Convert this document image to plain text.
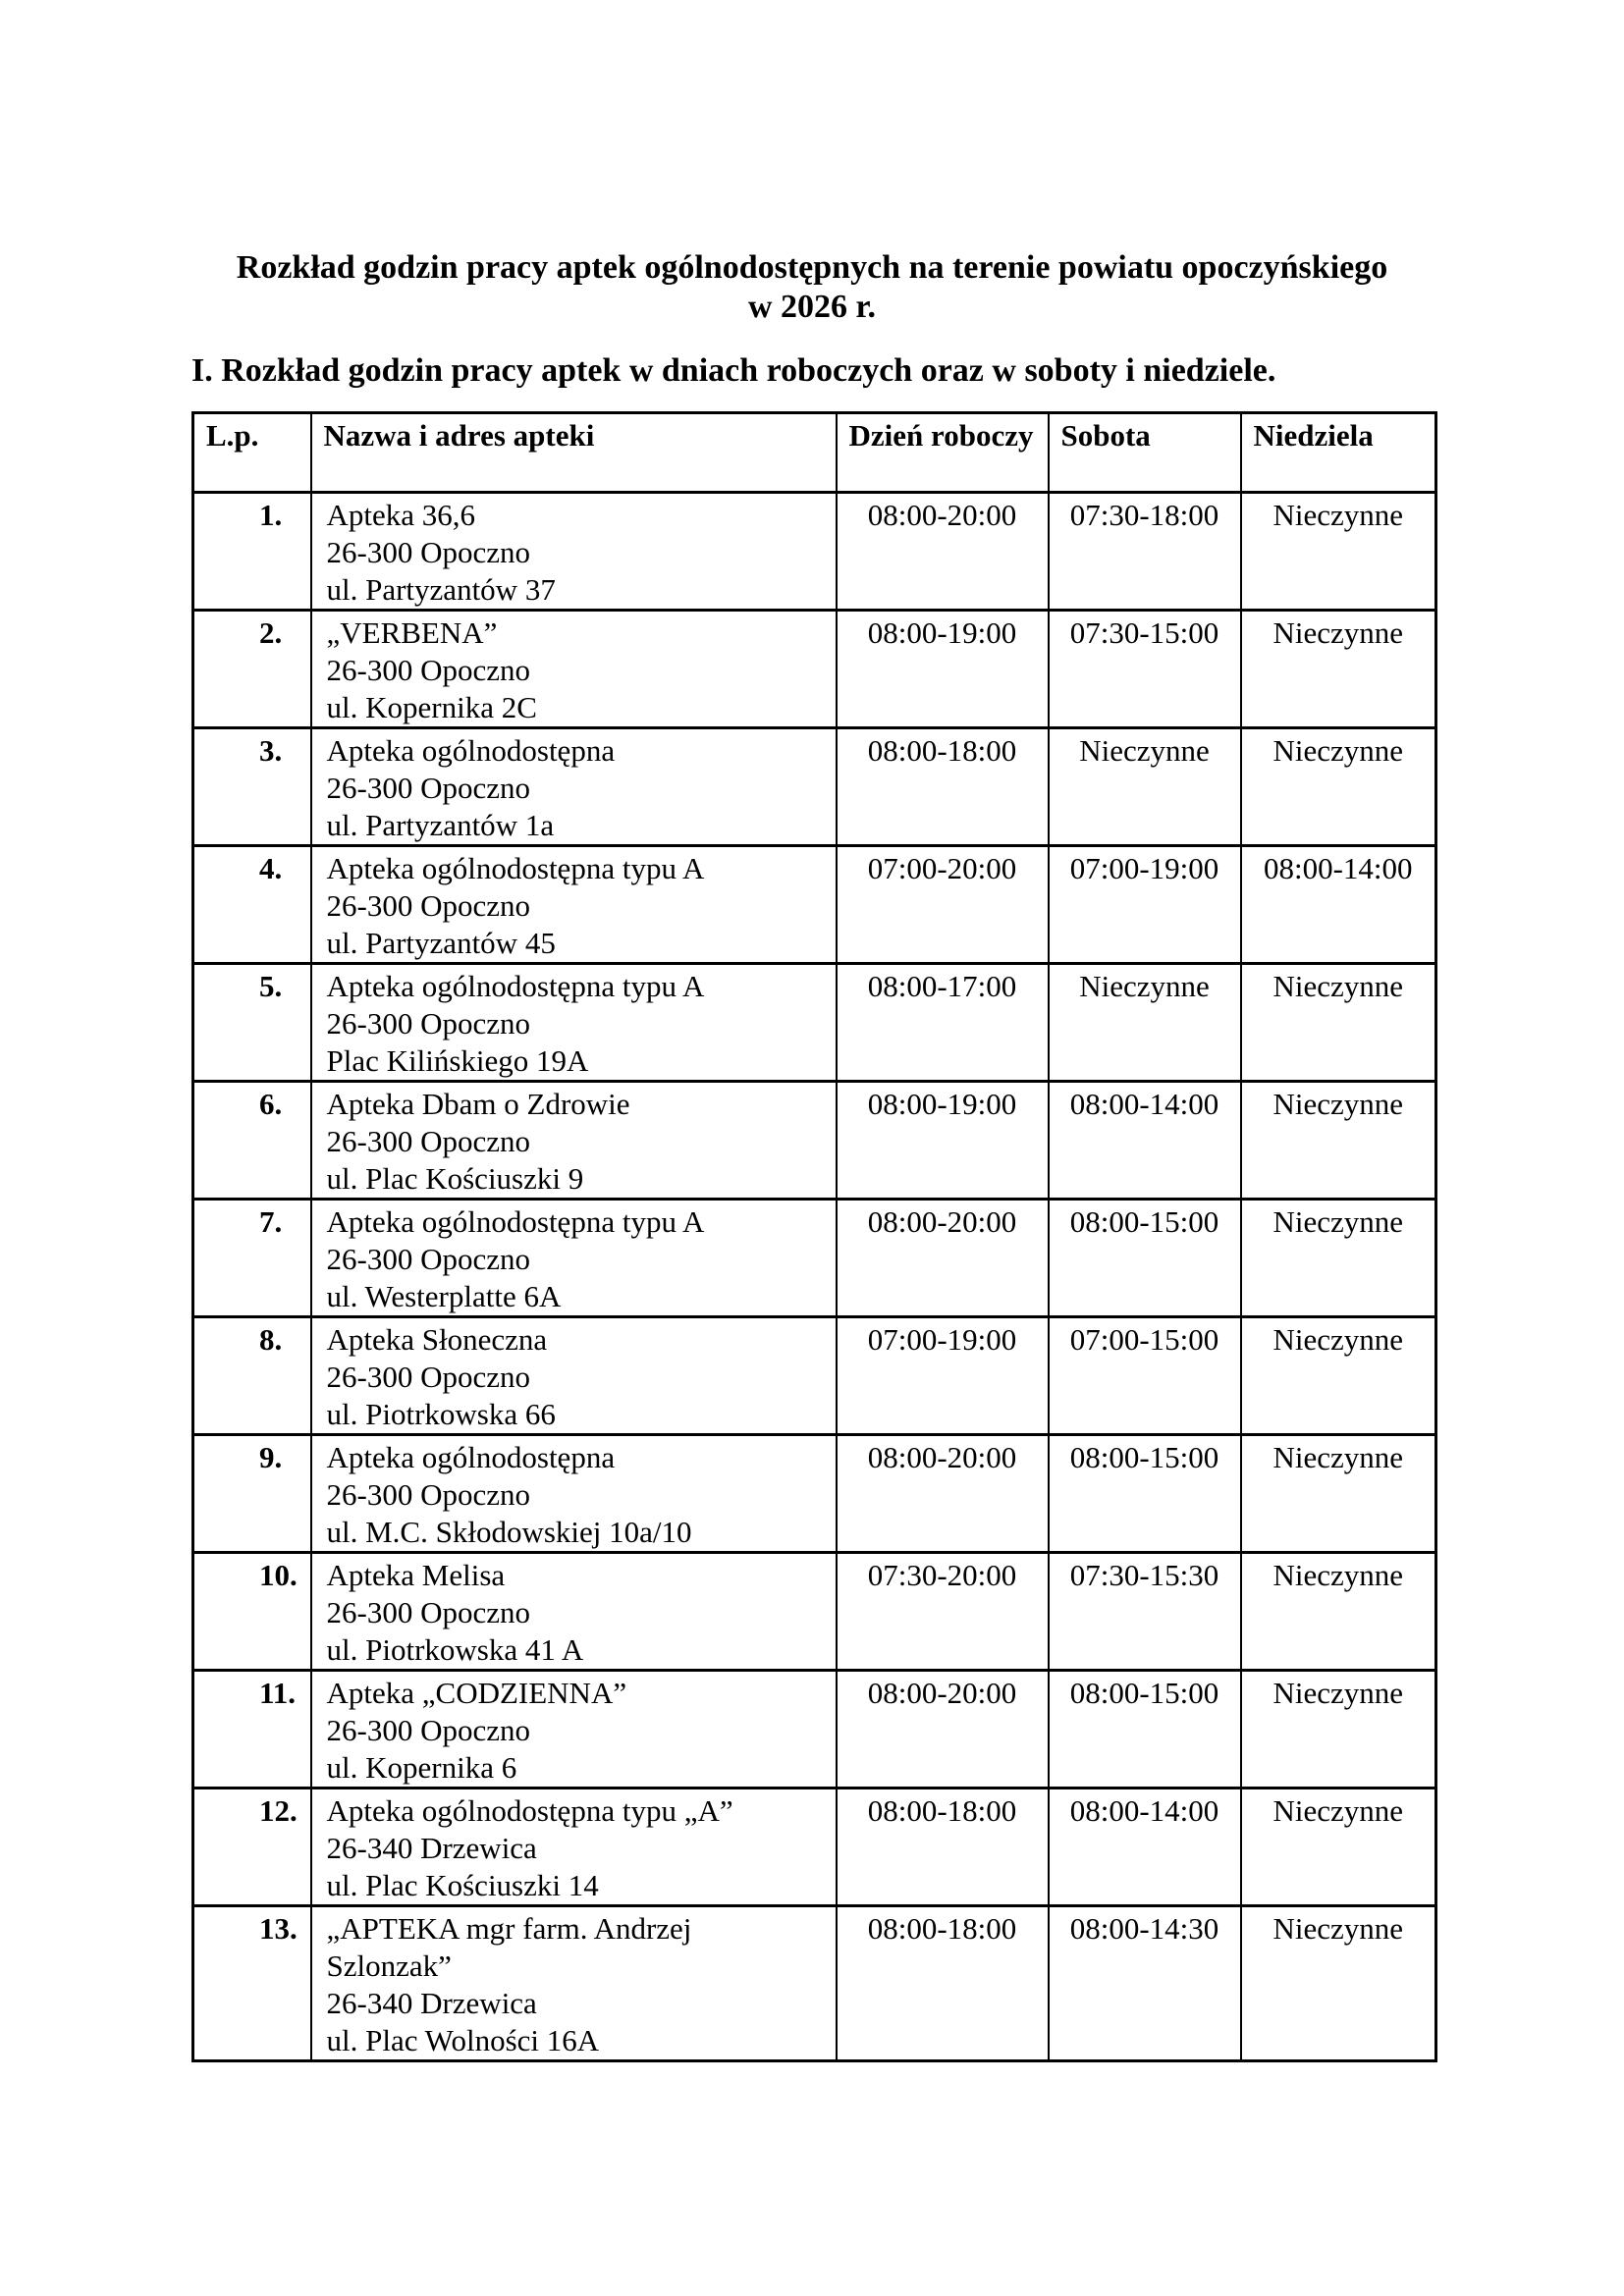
Rozkład godzin pracy aptek ogólnodostępnych na terenie powiatu opoczyńskiego
w 2026 r.
I. Rozkład godzin pracy aptek w dniach roboczych oraz w soboty i niedziele.
L.p.	Nazwa i adres apteki	Dzień roboczy	Sobota	Niedziela
1.	Apteka 36,6
26-300 Opoczno
ul. Partyzantów 37	08:00-20:00	07:30-18:00	Nieczynne
2.	„VERBENA”
26-300 Opoczno
ul. Kopernika 2C	08:00-19:00	07:30-15:00	Nieczynne
3.	Apteka ogólnodostępna
26-300 Opoczno
ul. Partyzantów 1a	08:00-18:00	Nieczynne	Nieczynne
4.	Apteka ogólnodostępna typu A
26-300 Opoczno
ul. Partyzantów 45	07:00-20:00	07:00-19:00	08:00-14:00
5.	Apteka ogólnodostępna typu A
26-300 Opoczno
Plac Kilińskiego 19A	08:00-17:00	Nieczynne	Nieczynne
6.	Apteka Dbam o Zdrowie
26-300 Opoczno
ul. Plac Kościuszki 9	08:00-19:00	08:00-14:00	Nieczynne
7.	Apteka ogólnodostępna typu A
26-300 Opoczno
ul. Westerplatte 6A	08:00-20:00	08:00-15:00	Nieczynne
8.	Apteka Słoneczna
26-300 Opoczno
ul. Piotrkowska 66	07:00-19:00	07:00-15:00	Nieczynne
9.	Apteka ogólnodostępna
26-300 Opoczno
ul. M.C. Skłodowskiej 10a/10	08:00-20:00	08:00-15:00	Nieczynne
10.	Apteka Melisa
26-300 Opoczno
ul. Piotrkowska 41 A	07:30-20:00	07:30-15:30	Nieczynne
11.	Apteka „CODZIENNA”
26-300 Opoczno
ul. Kopernika 6	08:00-20:00	08:00-15:00	Nieczynne
12.	Apteka ogólnodostępna typu „A”
26-340 Drzewica
ul. Plac Kościuszki 14	08:00-18:00	08:00-14:00	Nieczynne
13.	„APTEKA mgr farm. Andrzej
Szlonzak”
26-340 Drzewica
ul. Plac Wolności 16A	08:00-18:00	08:00-14:30	Nieczynne
